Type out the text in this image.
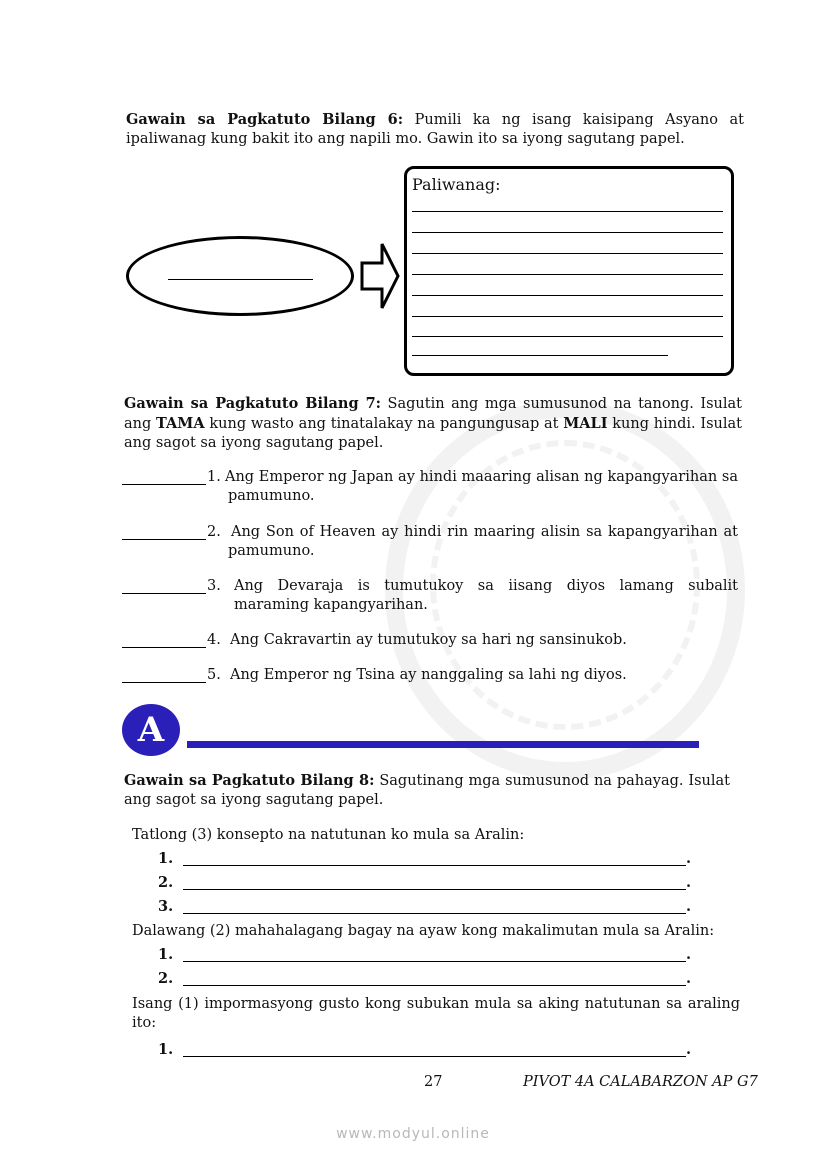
Gawain sa Pagkatuto Bilang 6: Pumili ka ng isang kaisipang Asyano at ipaliwanag kung bakit ito ang napili mo. Gawin ito sa iyong sagutang papel.
Paliwanag:
Gawain sa Pagkatuto Bilang 7: Sagutin ang mga sumusunod na tanong. Isulat ang TAMA kung wasto ang tinatalakay na pangungusap at MALI kung hindi. Isulat ang sagot sa iyong sagutang papel.
1. Ang Emperor ng Japan ay hindi maaaring alisan ng kapangyarihan sa pamumuno.
2. Ang Son of Heaven ay hindi rin maaring alisin sa kapangyarihan at pamumuno.
3. Ang Devaraja is tumutukoy sa iisang diyos lamang subalit maraming kapangyarihan.
4. Ang Cakravartin ay tumutukoy sa hari ng sansinukob.
5. Ang Emperor ng Tsina ay nanggaling sa lahi ng diyos.
A
Gawain sa Pagkatuto Bilang 8: Sagutinang mga sumusunod na pahayag. Isulat ang sagot sa iyong sagutang papel.
Tatlong (3) konsepto na natutunan ko mula sa Aralin:
1.	.
2.	.
3.	.
Dalawang (2) mahahalagang bagay na ayaw kong makalimutan mula sa Aralin:
1.	.
2.	.
Isang (1) impormasyong gusto kong subukan mula sa aking natutunan sa araling ito:
1.	.
27	PIVOT 4A CALABARZON AP G7
www.modyul.online
